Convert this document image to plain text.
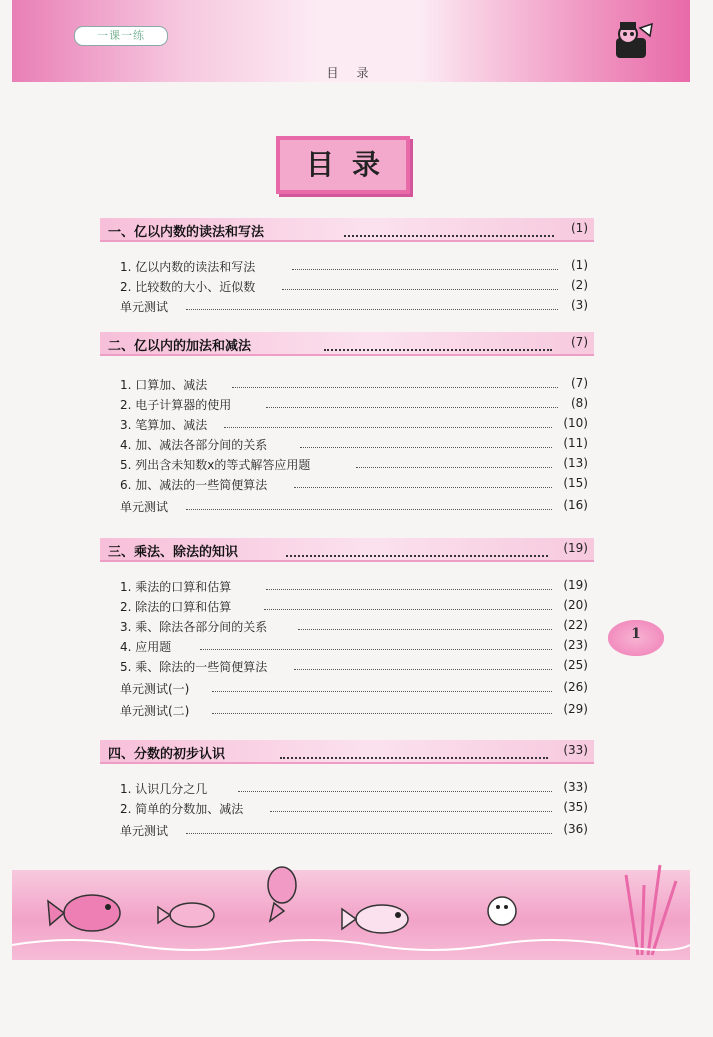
一课一练
目录
目录
一、亿以内数的读法和写法	(1)
1. 亿以内数的读法和写法	(1)
2. 比较数的大小、近似数	(2)
单元测试	(3)
二、亿以内的加法和减法	(7)
1. 口算加、减法	(7)
2. 电子计算器的使用	(8)
3. 笔算加、减法	(10)
4. 加、减法各部分间的关系	(11)
5. 列出含未知数x的等式解答应用题	(13)
6. 加、减法的一些简便算法	(15)
单元测试	(16)
三、乘法、除法的知识	(19)
1. 乘法的口算和估算	(19)
2. 除法的口算和估算	(20)
3. 乘、除法各部分间的关系	(22)
4. 应用题	(23)
5. 乘、除法的一些简便算法	(25)
单元测试(一)	(26)
单元测试(二)	(29)
四、分数的初步认识	(33)
1. 认识几分之几	(33)
2. 简单的分数加、减法	(35)
单元测试	(36)
1
